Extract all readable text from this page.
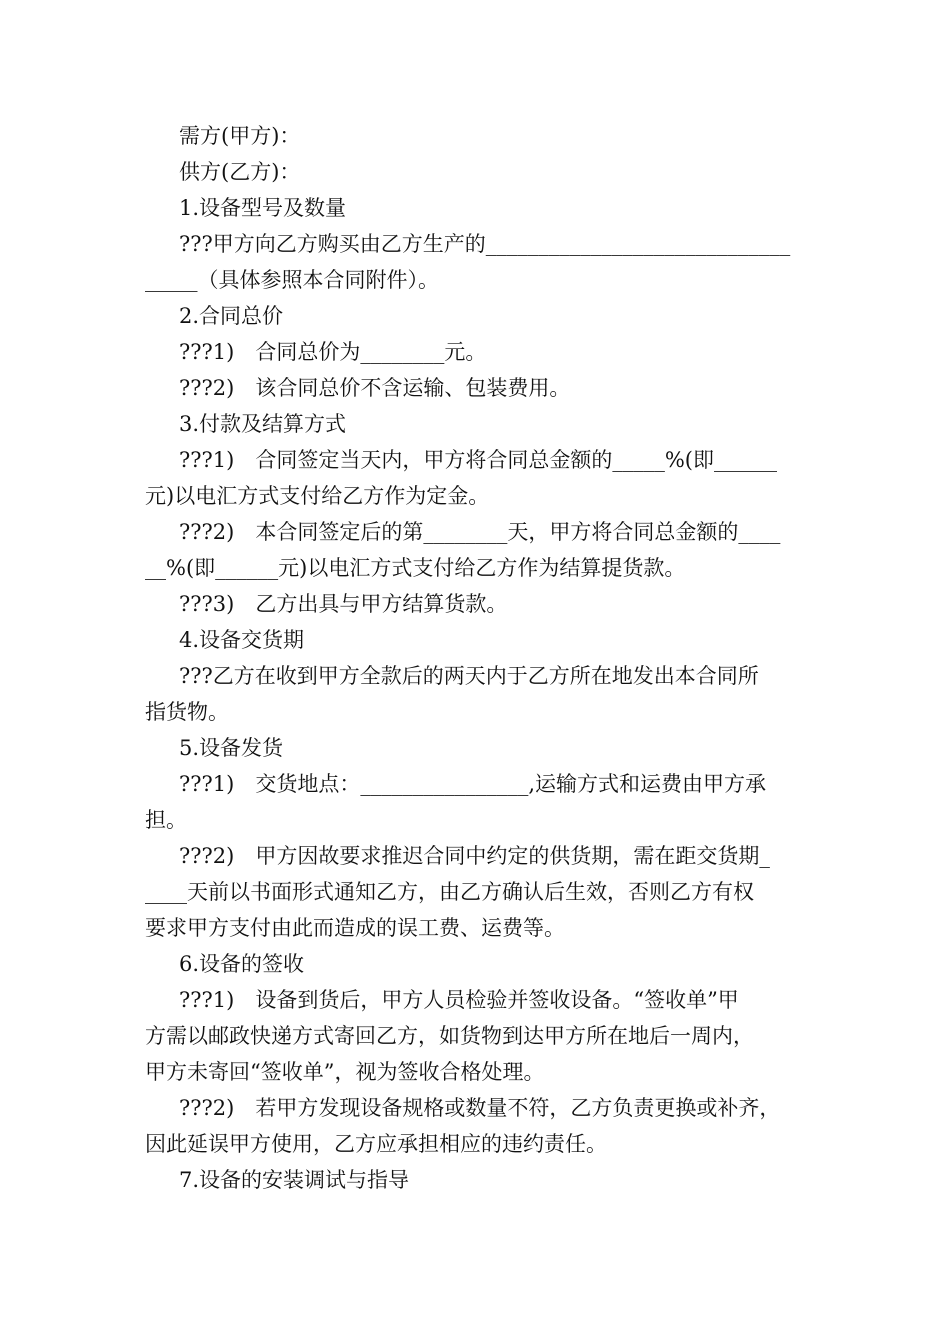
需方(甲方)：
供方(乙方)：
1.设备型号及数量
???甲方向乙方购买由乙方生产的_____________________________
_____（具体参照本合同附件）。
2.合同总价
???1)　合同总价为________元。
???2)　该合同总价不含运输、包装费用。
3.付款及结算方式
???1)　合同签定当天内，甲方将合同总金额的_____%(即______
元)以电汇方式支付给乙方作为定金。
???2)　本合同签定后的第________天，甲方将合同总金额的____
__%(即______元)以电汇方式支付给乙方作为结算提货款。
???3)　乙方出具与甲方结算货款。
4.设备交货期
???乙方在收到甲方全款后的两天内于乙方所在地发出本合同所
指货物。
5.设备发货
???1)　交货地点：________________,运输方式和运费由甲方承
担。
???2)　甲方因故要求推迟合同中约定的供货期，需在距交货期_
____天前以书面形式通知乙方，由乙方确认后生效，否则乙方有权
要求甲方支付由此而造成的误工费、运费等。
6.设备的签收
???1)　设备到货后，甲方人员检验并签收设备。“签收单”甲
方需以邮政快递方式寄回乙方，如货物到达甲方所在地后一周内，
甲方未寄回“签收单”，视为签收合格处理。
???2)　若甲方发现设备规格或数量不符，乙方负责更换或补齐，
因此延误甲方使用，乙方应承担相应的违约责任。
7.设备的安装调试与指导
